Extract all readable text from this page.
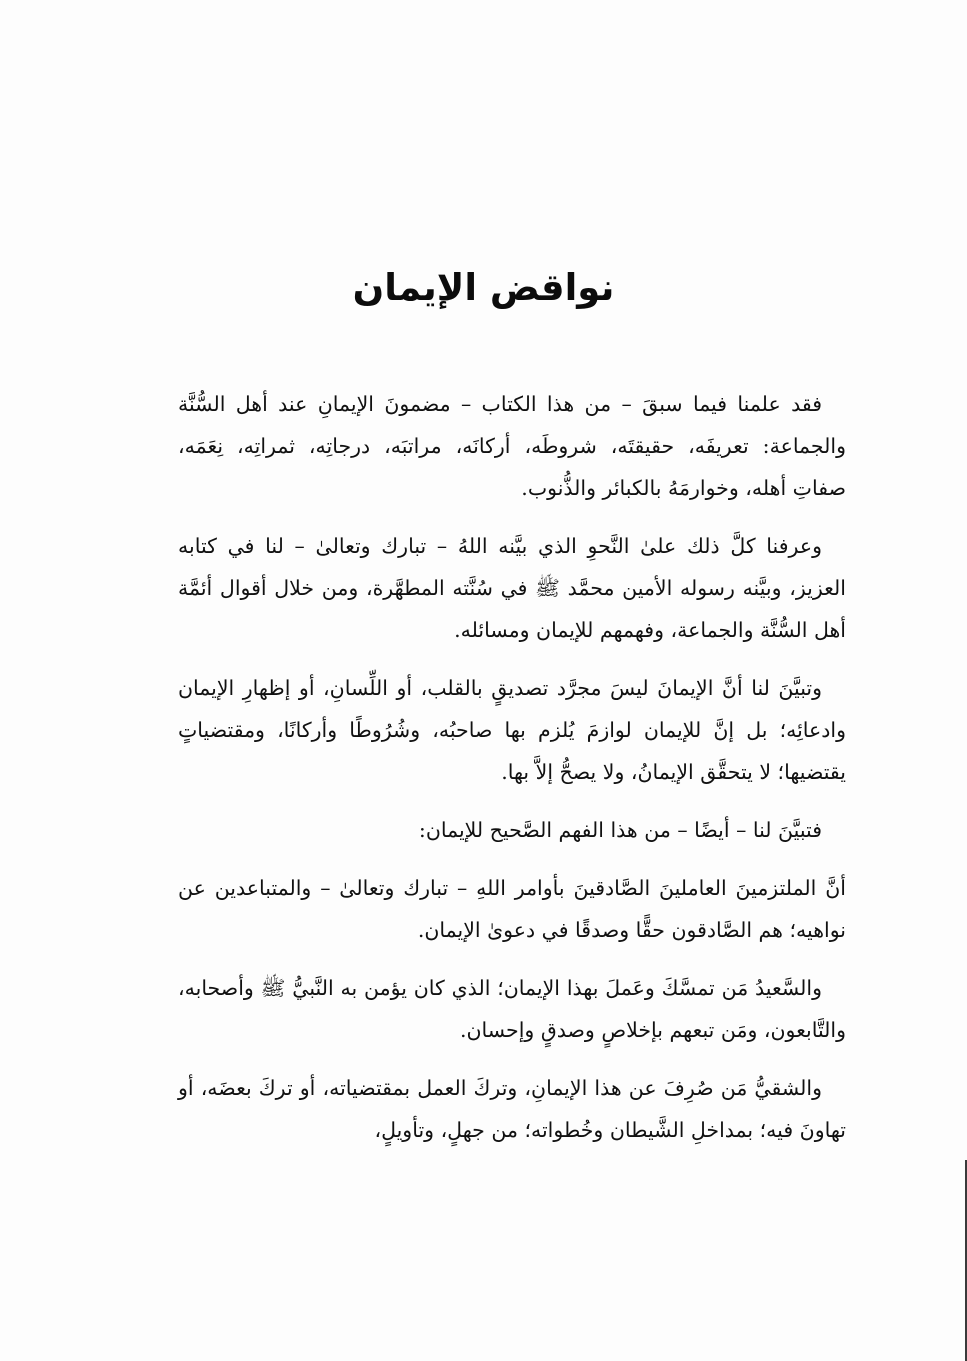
نواقض الإيمان

فقد علمنا فيما سبقَ – من هذا الكتاب – مضمونَ الإيمانِ عند أهل السُّنَّة والجماعة: تعريفَه، حقيقتَه، شروطَه، أركانَه، مراتبَه، درجاتِه، ثمراتِه، نِعَمَه، صفاتِ أهله، وخوارمَهُ بالكبائر والذُّنوب.

وعرفنا كلَّ ذلك علىٰ النَّحوِ الذي بيَّنه اللهُ – تبارك وتعالىٰ – لنا في كتابه العزيز، وبيَّنه رسوله الأمين محمَّد ﷺ في سُنَّته المطهَّرة، ومن خلال أقوال أئمَّة أهل السُّنَّة والجماعة، وفهمهم للإيمان ومسائله.

وتبيَّنَ لنا أنَّ الإيمانَ ليسَ مجرَّد تصديقٍ بالقلب، أو اللِّسانِ، أو إظهارِ الإيمان وادعائِه؛ بل إنَّ للإيمان لوازمَ يُلزم بها صاحبُه، وشُرُوطًا وأركانًا، ومقتضياتٍ يقتضيها؛ لا يتحقَّق الإيمانُ، ولا يصحُّ إلاَّ بها.

فتبيَّنَ لنا – أيضًا – من هذا الفهم الصَّحيح للإيمان:

أنَّ الملتزمينَ العاملينَ الصَّادقينَ بأوامر اللهِ – تبارك وتعالىٰ – والمتباعدين عن نواهيه؛ هم الصَّادقون حقًّا وصدقًا في دعوىٰ الإيمان.

والسَّعيدُ مَن تمسَّكَ وعَملَ بهذا الإيمان؛ الذي كان يؤمن به النَّبيُّ ﷺ وأصحابه، والتَّابعون، ومَن تبعهم بإخلاصٍ وصدقٍ وإحسان.

والشقيُّ مَن صُرِفَ عن هذا الإيمانِ، وتركَ العمل بمقتضياته، أو تركَ بعضَه، أو تهاونَ فيه؛ بمداخلِ الشَّيطان وخُطواته؛ من جهلٍ، وتأويلٍ،
